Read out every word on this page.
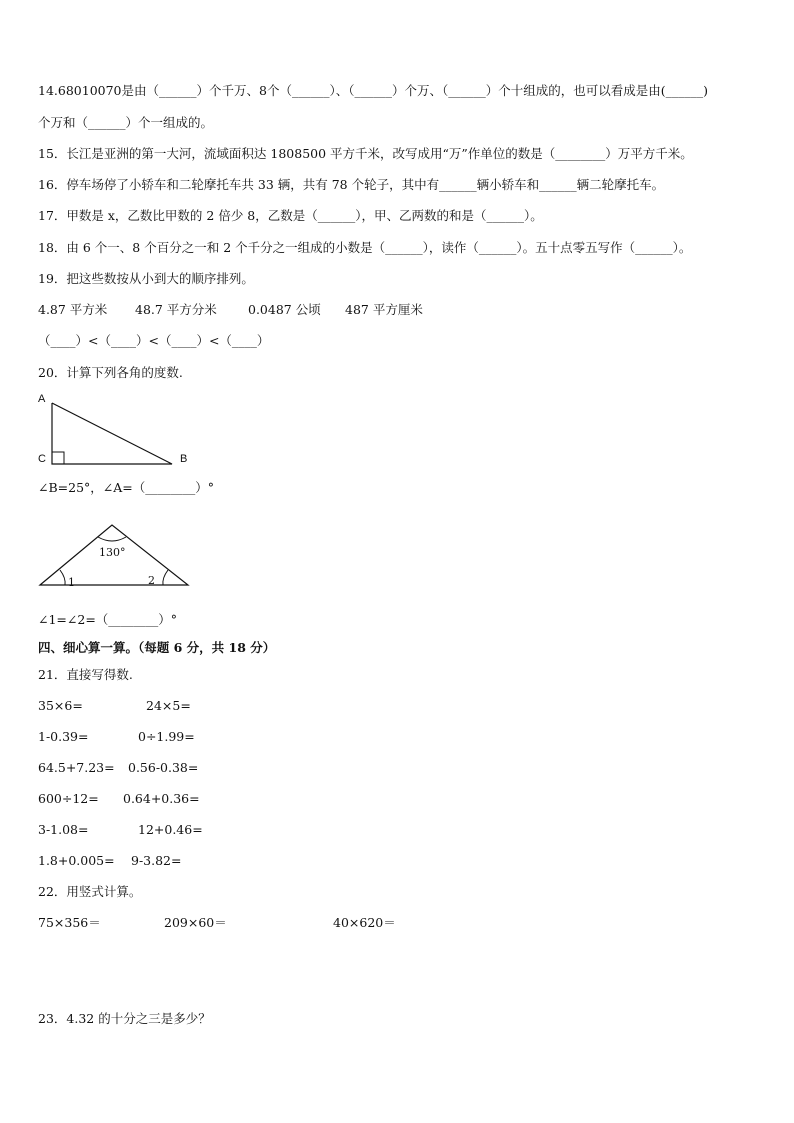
14.68010070是由（______）个千万、8个（______）、（______）个万、（______）个十组成的，也可以看成是由(______)
个万和（______）个一组成的。
15．长江是亚洲的第一大河，流域面积达 1808500 平方千米，改写成用“万”作单位的数是（________）万平方千米。
16．停车场停了小轿车和二轮摩托车共 33 辆，共有 78 个轮子，其中有______辆小轿车和______辆二轮摩托车。
17．甲数是 x，乙数比甲数的 2 倍少 8，乙数是（______），甲、乙两数的和是（______）。
18．由 6 个一、8 个百分之一和 2 个千分之一组成的小数是（______），读作（______）。五十点零五写作（______）。
19．把这些数按从小到大的顺序排列。
4.87 平方米 48.7 平方分米 0.0487 公顷 487 平方厘米
（____）<（____）<（____）<（____）
20．计算下列各角的度数.
A
C	B
∠B=25°，∠A=（________）°
130°
1	2
∠1=∠2=（________）°
四、细心算一算。（每题 6 分，共 18 分）
21．直接写得数.
35×6=	24×5=
1-0.39=	0÷1.99=
64.5+7.23= 0.56-0.38=
600÷12= 0.64+0.36=
3-1.08=	12+0.46=
1.8+0.005= 9-3.82=
22．用竖式计算。
75×356＝	209×60＝	40×620＝
23．4.32 的十分之三是多少？
